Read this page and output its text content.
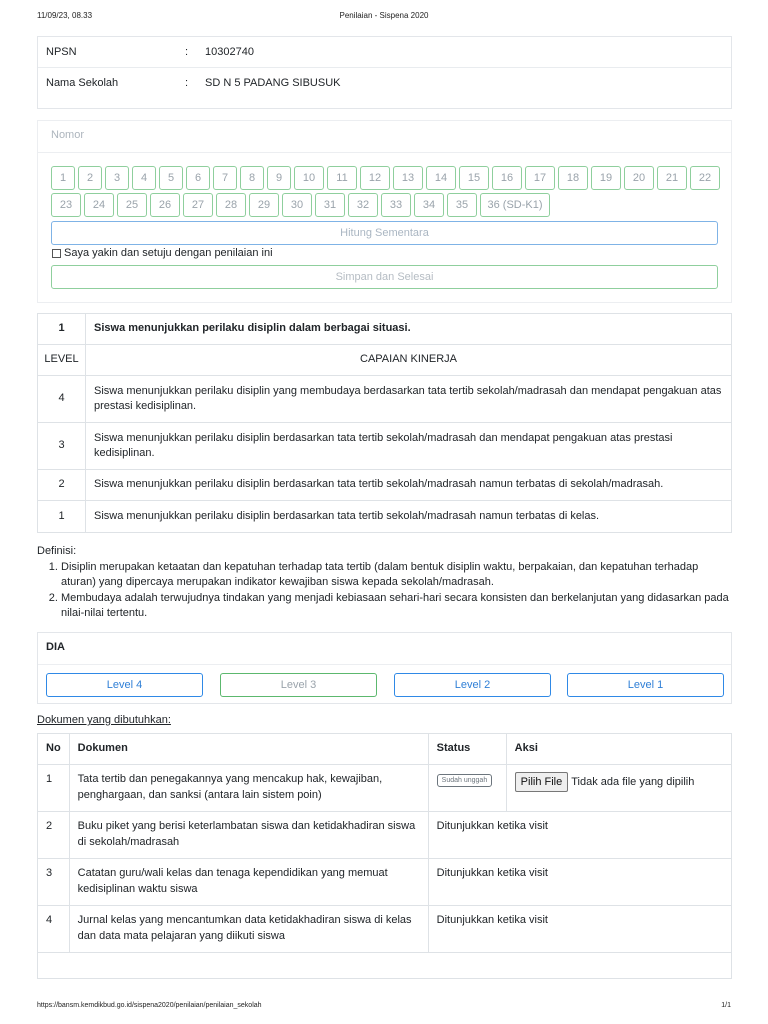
11/09/23, 08.33	Penilaian - Sispena 2020
NPSN	: 10302740
Nama Sekolah	: SD N 5 PADANG SIBUSUK
Nomor
1	2	3	4	5	6	7	8	9	10	11	12	13	14	15	16	17	18	19	20	21	22
23	24	25	26	27	28	29	30	31	32	33	34	35	36 (SD-K1)
Hitung Sementara
Saya yakin dan setuju dengan penilaian ini
Simpan dan Selesai
1	Siswa menunjukkan perilaku disiplin dalam berbagai situasi.
LEVEL	CAPAIAN KINERJA
4	Siswa menunjukkan perilaku disiplin yang membudaya berdasarkan tata tertib sekolah/madrasah dan mendapat pengakuan atas prestasi kedisiplinan.
3	Siswa menunjukkan perilaku disiplin berdasarkan tata tertib sekolah/madrasah dan mendapat pengakuan atas prestasi kedisiplinan.
2	Siswa menunjukkan perilaku disiplin berdasarkan tata tertib sekolah/madrasah namun terbatas di sekolah/madrasah.
1	Siswa menunjukkan perilaku disiplin berdasarkan tata tertib sekolah/madrasah namun terbatas di kelas.
Definisi:
1. Disiplin merupakan ketaatan dan kepatuhan terhadap tata tertib (dalam bentuk disiplin waktu, berpakaian, dan kepatuhan terhadap aturan) yang dipercaya merupakan indikator kewajiban siswa kepada sekolah/madrasah.
2. Membudaya adalah terwujudnya tindakan yang menjadi kebiasaan sehari-hari secara konsisten dan berkelanjutan yang didasarkan pada nilai-nilai tertentu.
DIA
Level 4	Level 3	Level 2	Level 1
Dokumen yang dibutuhkan:
No	Dokumen	Status	Aksi
1	Tata tertib dan penegakannya yang mencakup hak, kewajiban, penghargaan, dan sanksi (antara lain sistem poin)	Sudah unggah	Pilih File Tidak ada file yang dipilih
2	Buku piket yang berisi keterlambatan siswa dan ketidakhadiran siswa di sekolah/madrasah	Ditunjukkan ketika visit	
3	Catatan guru/wali kelas dan tenaga kependidikan yang memuat kedisiplinan waktu siswa	Ditunjukkan ketika visit	
4	Jurnal kelas yang mencantumkan data ketidakhadiran siswa di kelas dan data mata pelajaran yang diikuti siswa	Ditunjukkan ketika visit	

https://bansm.kemdikbud.go.id/sispena2020/penilaian/penilaian_sekolah	1/1
